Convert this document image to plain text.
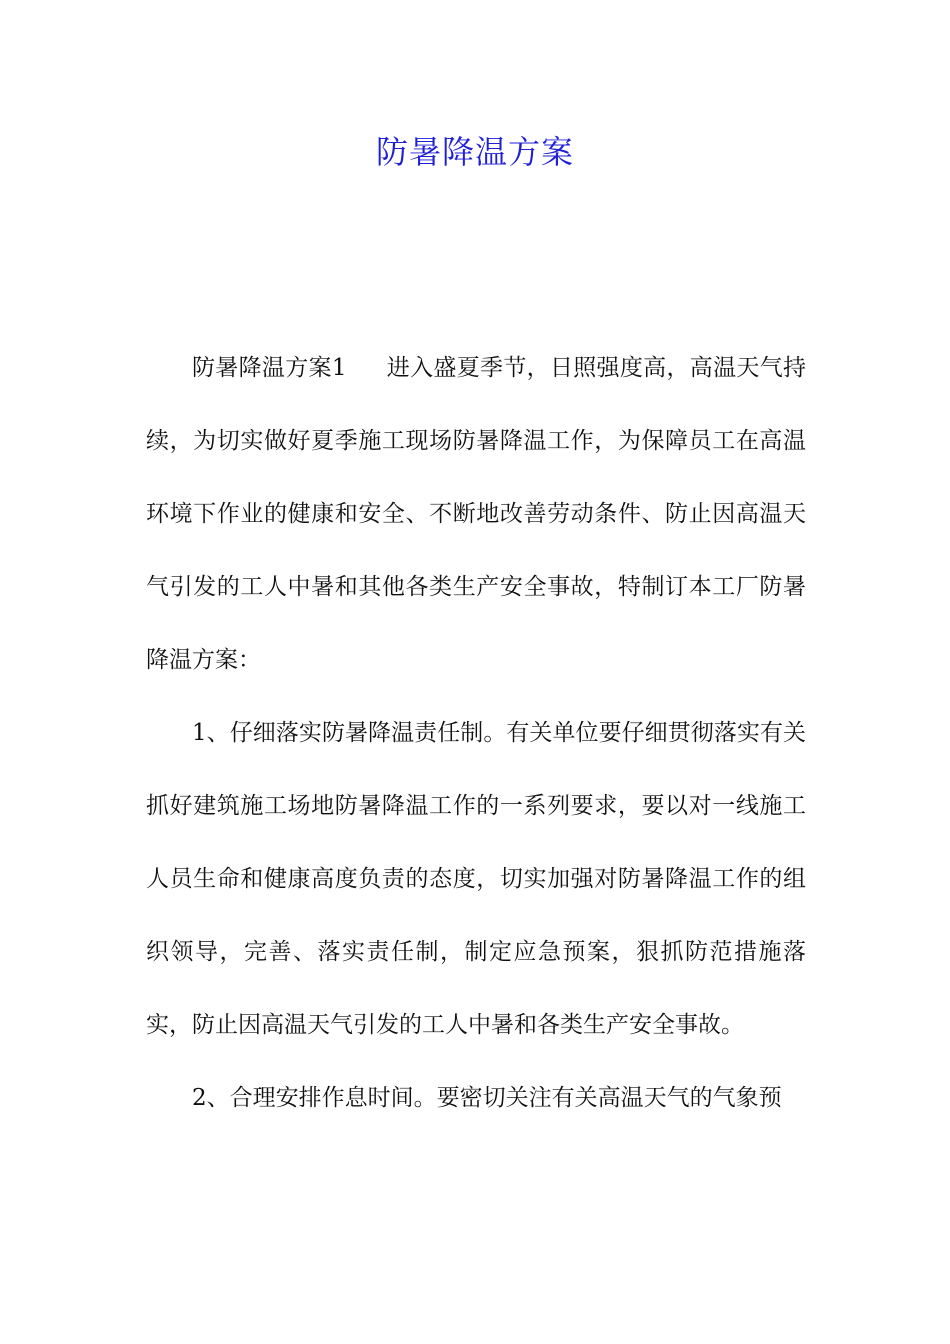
防暑降温方案

防暑降温方案1 进入盛夏季节，日照强度高，高温天气持续，为切实做好夏季施工现场防暑降温工作，为保障员工在高温环境下作业的健康和安全、不断地改善劳动条件、防止因高温天气引发的工人中暑和其他各类生产安全事故，特制订本工厂防暑降温方案：

1、仔细落实防暑降温责任制。有关单位要仔细贯彻落实有关抓好建筑施工场地防暑降温工作的一系列要求，要以对一线施工人员生命和健康高度负责的态度，切实加强对防暑降温工作的组织领导，完善、落实责任制，制定应急预案，狠抓防范措施落实，防止因高温天气引发的工人中暑和各类生产安全事故。

2、合理安排作息时间。要密切关注有关高温天气的气象预
